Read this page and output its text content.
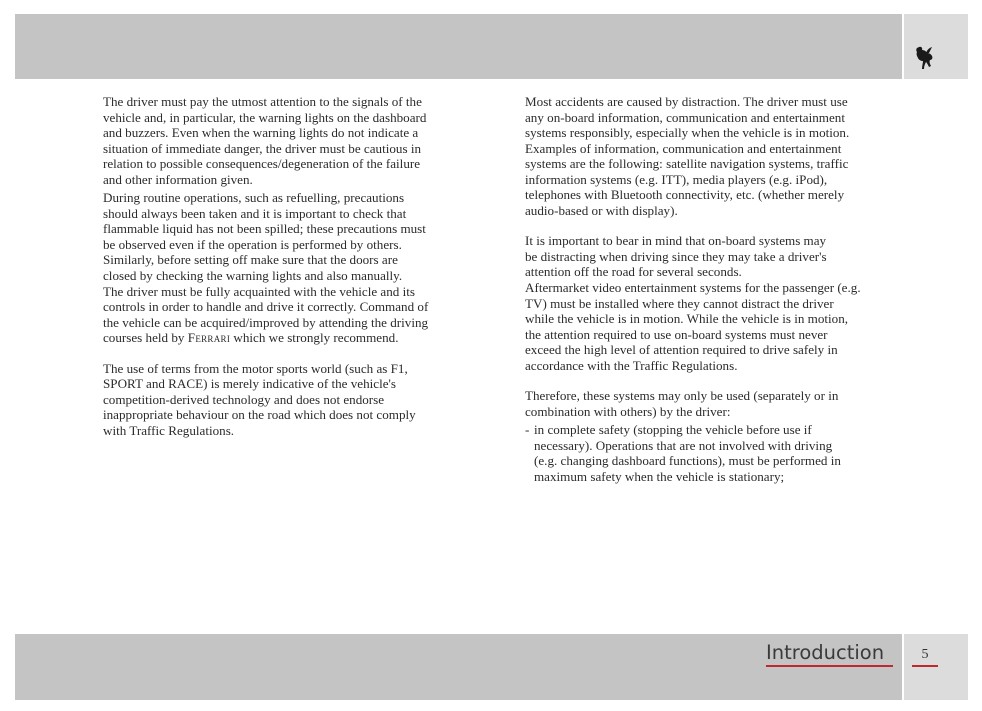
The driver must pay the utmost attention to the signals of the
vehicle and, in particular, the warning lights on the dashboard
and buzzers. Even when the warning lights do not indicate a
situation of immediate danger, the driver must be cautious in
relation to possible consequences/degeneration of the failure
and other information given.

During routine operations, such as refuelling, precautions
should always been taken and it is important to check that
flammable liquid has not been spilled; these precautions must
be observed even if the operation is performed by others.
Similarly, before setting off make sure that the doors are
closed by checking the warning lights and also manually.
The driver must be fully acquainted with the vehicle and its
controls in order to handle and drive it correctly. Command of
the vehicle can be acquired/improved by attending the driving
courses held by Ferrari which we strongly recommend.

The use of terms from the motor sports world (such as F1,
SPORT and RACE) is merely indicative of the vehicle's
competition-derived technology and does not endorse
inappropriate behaviour on the road which does not comply
with Traffic Regulations.

Most accidents are caused by distraction. The driver must use
any on-board information, communication and entertainment
systems responsibly, especially when the vehicle is in motion.
Examples of information, communication and entertainment
systems are the following: satellite navigation systems, traffic
information systems (e.g. ITT), media players (e.g. iPod),
telephones with Bluetooth connectivity, etc. (whether merely
audio-based or with display).

It is important to bear in mind that on-board systems may
be distracting when driving since they may take a driver's
attention off the road for several seconds.
Aftermarket video entertainment systems for the passenger (e.g.
TV) must be installed where they cannot distract the driver
while the vehicle is in motion. While the vehicle is in motion,
the attention required to use on-board systems must never
exceed the high level of attention required to drive safely in
accordance with the Traffic Regulations.

Therefore, these systems may only be used (separately or in
combination with others) by the driver:

- in complete safety (stopping the vehicle before use if
necessary). Operations that are not involved with driving
(e.g. changing dashboard functions), must be performed in
maximum safety when the vehicle is stationary;
Introduction	5
